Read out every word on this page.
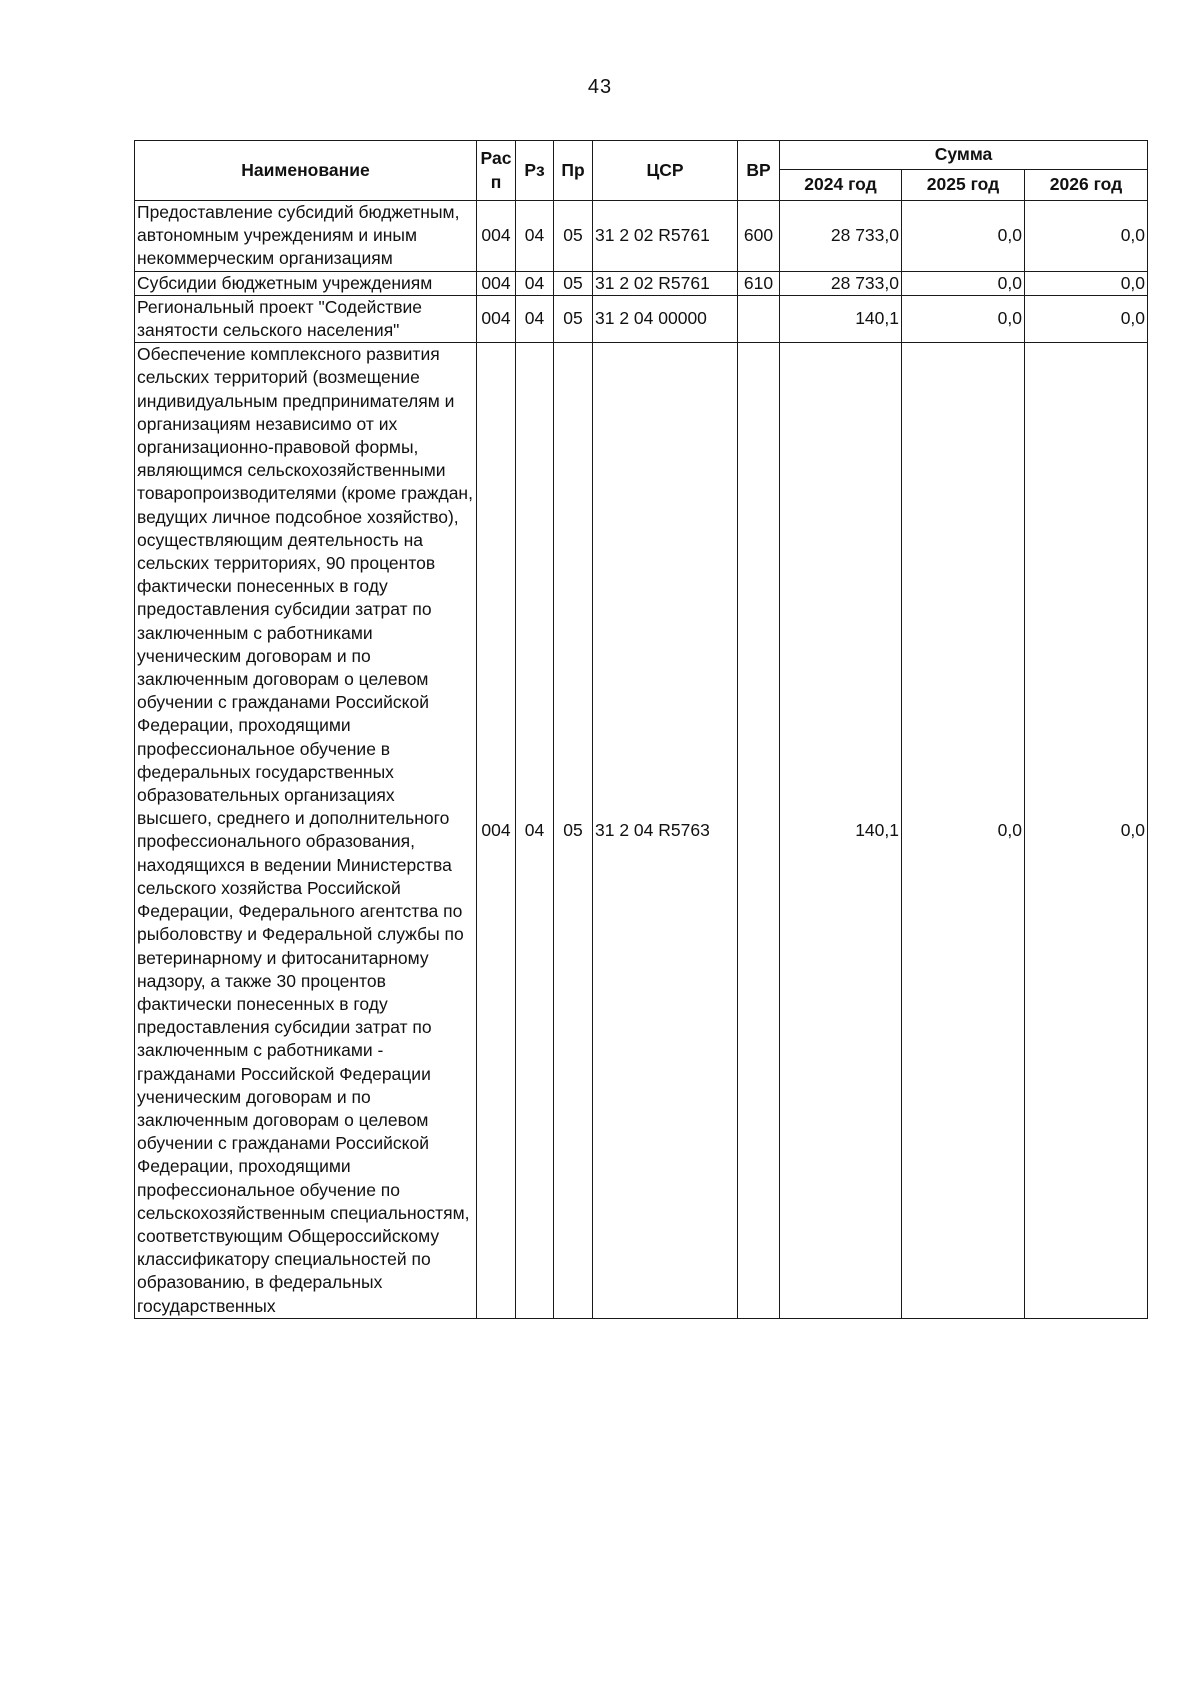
43
Наименование	Рас п	Рз	Пр	ЦСР	ВР	Сумма		
						2024 год	2025 год	2026 год
Предоставление субсидий бюджетным, автономным учреждениям и иным некоммерческим организациям	004	04	05	31 2 02 R5761	600	28 733,0	0,0	0,0
Субсидии бюджетным учреждениям	004	04	05	31 2 02 R5761	610	28 733,0	0,0	0,0
Региональный проект "Содействие занятости сельского населения"	004	04	05	31 2 04 00000		140,1	0,0	0,0
Обеспечение комплексного развития сельских территорий (возмещение индивидуальным предпринимателям и организациям независимо от их организационно-правовой формы, являющимся сельскохозяйственными товаропроизводителями (кроме граждан, ведущих личное подсобное хозяйство), осуществляющим деятельность на сельских территориях, 90 процентов фактически понесенных в году предоставления субсидии затрат по заключенным с работниками ученическим договорам и по заключенным договорам о целевом обучении с гражданами Российской Федерации, проходящими профессиональное обучение в федеральных государственных образовательных организациях высшего, среднего и дополнительного профессионального образования, находящихся в ведении Министерства сельского хозяйства Российской Федерации, Федерального агентства по рыболовству и Федеральной службы по ветеринарному и фитосанитарному надзору, а также 30 процентов фактически понесенных в году предоставления субсидии затрат по заключенным с работниками - гражданами Российской Федерации ученическим договорам и по заключенным договорам о целевом обучении с гражданами Российской Федерации, проходящими профессиональное обучение по сельскохозяйственным специальностям, соответствующим Общероссийскому классификатору специальностей по образованию, в федеральных государственных	004	04	05	31 2 04 R5763		140,1	0,0	0,0
